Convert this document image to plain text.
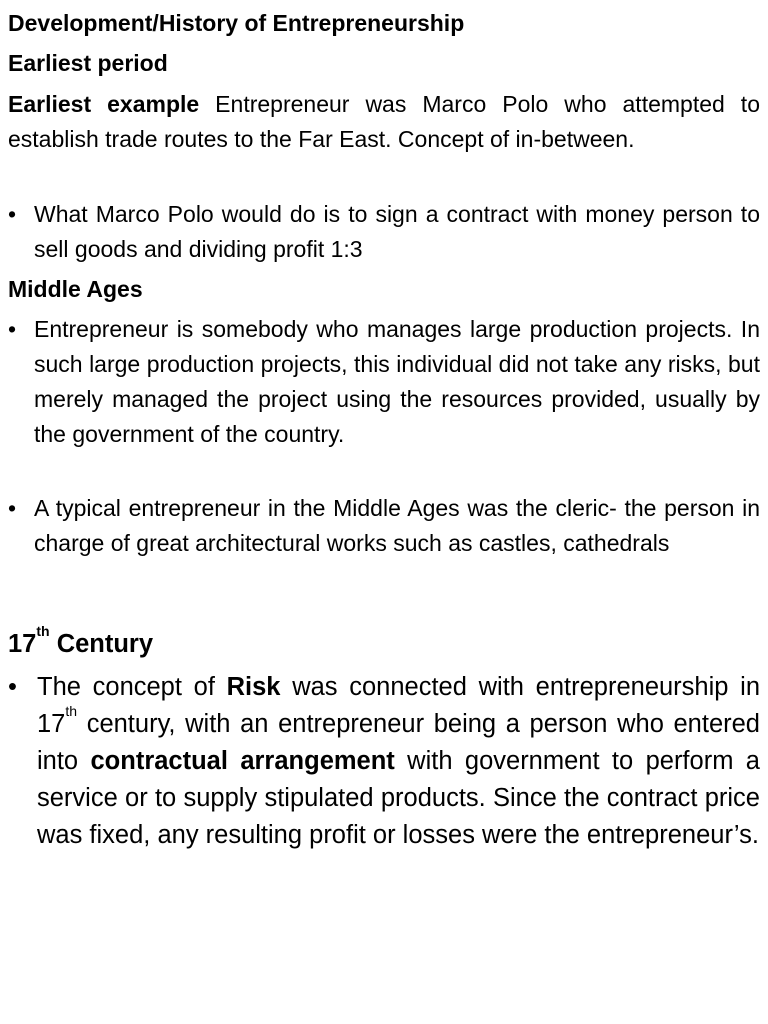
Development/History of Entrepreneurship
Earliest period
Earliest example Entrepreneur was Marco Polo who attempted to establish trade routes to the Far East. Concept of in-between.
• What Marco Polo would do is to sign a contract with money person to sell goods and dividing profit 1:3
Middle Ages
• Entrepreneur is somebody who manages large production projects. In such large production projects, this individual did not take any risks, but merely managed the project using the resources provided, usually by the government of the country.
• A typical entrepreneur in the Middle Ages was the cleric- the person in charge of great architectural works such as castles, cathedrals
17th Century
• The concept of Risk was connected with entrepreneurship in 17th century, with an entrepreneur being a person who entered into contractual arrangement with government to perform a service or to supply stipulated products. Since the contract price was fixed, any resulting profit or losses were the entrepreneur’s.
